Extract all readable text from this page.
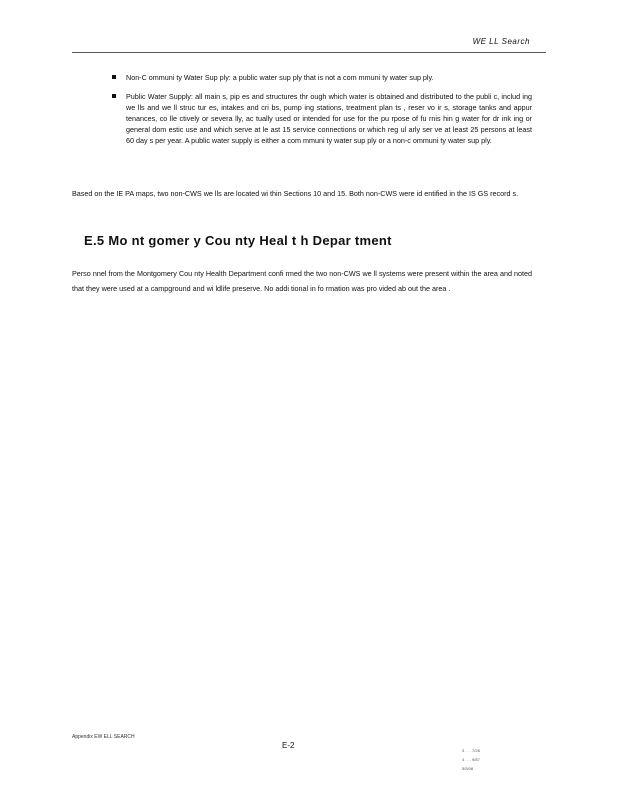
WE LL Search
Non-C ommuni ty Water Sup ply: a public water sup ply that is not a com mmuni ty water sup ply.
Public Water Supply: all main s, pip es and structures thr ough which water is obtained and distributed to the publi c, includ ing we lls and we ll struc tur es, intakes and cri bs, pump ing stations, treatment plan ts , reser vo ir s, storage tanks and appur tenances, co lle ctively or severa lly, ac tually used or intended for use for the pu rpose of fu rnis hin g water for dr ink ing or general dom estic use and which serve at le ast 15 service connections or which reg ul arly ser ve at least 25 persons at least 60 day s per year. A public water supply is either a com mmuni ty water sup ply or a non-c ommuni ty water sup ply.
Based on the IE PA maps, two non-CWS we lls are located wi thin Sections 10 and 15. Both non-CWS were id entified in the IS GS record s.
E.5 Mo nt gomer y Cou nty Heal t h Depar tment
Perso nnel from the Montgomery Cou nty Health Department confi rmed the two non-CWS we ll systems were present within the area and noted that they were used at a campground and wi ldlife preserve. No addi tional in fo rmation was pro vided ab out the area .
Appendix EW ELL SEARCH
E-2
3 . . . 7/28
4 . . . 9/87
5/5/08
